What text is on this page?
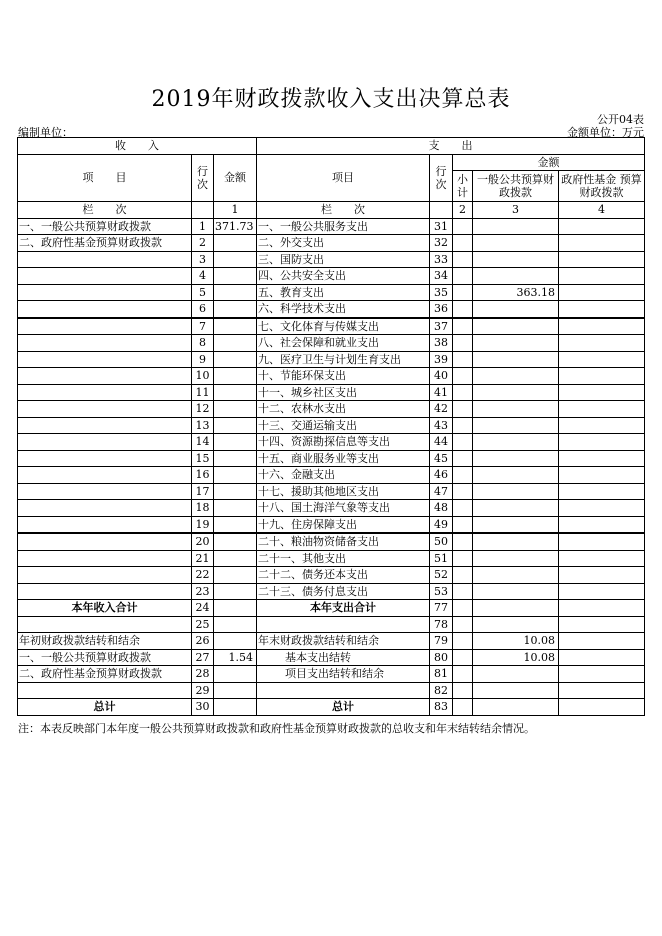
2019年财政拨款收入支出决算总表
公开04表
编制单位：	金额单位：万元
收　　入			支　　出				
项　　目	行次	金额	项目	行次	金额		
					小计	一般公共预算财政拨款	政府性基金 预算财政拨款
栏　　次		1	栏　　次		2	3	4
一、一般公共预算财政拨款	1	371.73	一、一般公共服务支出	31			
二、政府性基金预算财政拨款	2		二、外交支出	32			
	3		三、国防支出	33			
	4		四、公共安全支出	34			
	5		五、教育支出	35		363.18	
	6		六、科学技术支出	36			
	7		七、文化体育与传媒支出	37			
	8		八、社会保障和就业支出	38			
	9		九、医疗卫生与计划生育支出	39			
	10		十、节能环保支出	40			
	11		十一、城乡社区支出	41			
	12		十二、农林水支出	42			
	13		十三、交通运输支出	43			
	14		十四、资源勘探信息等支出	44			
	15		十五、商业服务业等支出	45			
	16		十六、金融支出	46			
	17		十七、援助其他地区支出	47			
	18		十八、国土海洋气象等支出	48			
	19		十九、住房保障支出	49			
	20		二十、粮油物资储备支出	50			
	21		二十一、其他支出	51			
	22		二十二、债务还本支出	52			
	23		二十三、债务付息支出	53			
本年收入合计	24		本年支出合计	77			
	25			78			
年初财政拨款结转和结余	26		年末财政拨款结转和结余	79		10.08	
一、一般公共预算财政拨款	27	1.54	基本支出结转	80		10.08	
二、政府性基金预算财政拨款	28		项目支出结转和结余	81			
	29			82			
总计	30		总计	83			
注：本表反映部门本年度一般公共预算财政拨款和政府性基金预算财政拨款的总收支和年末结转结余情况。
